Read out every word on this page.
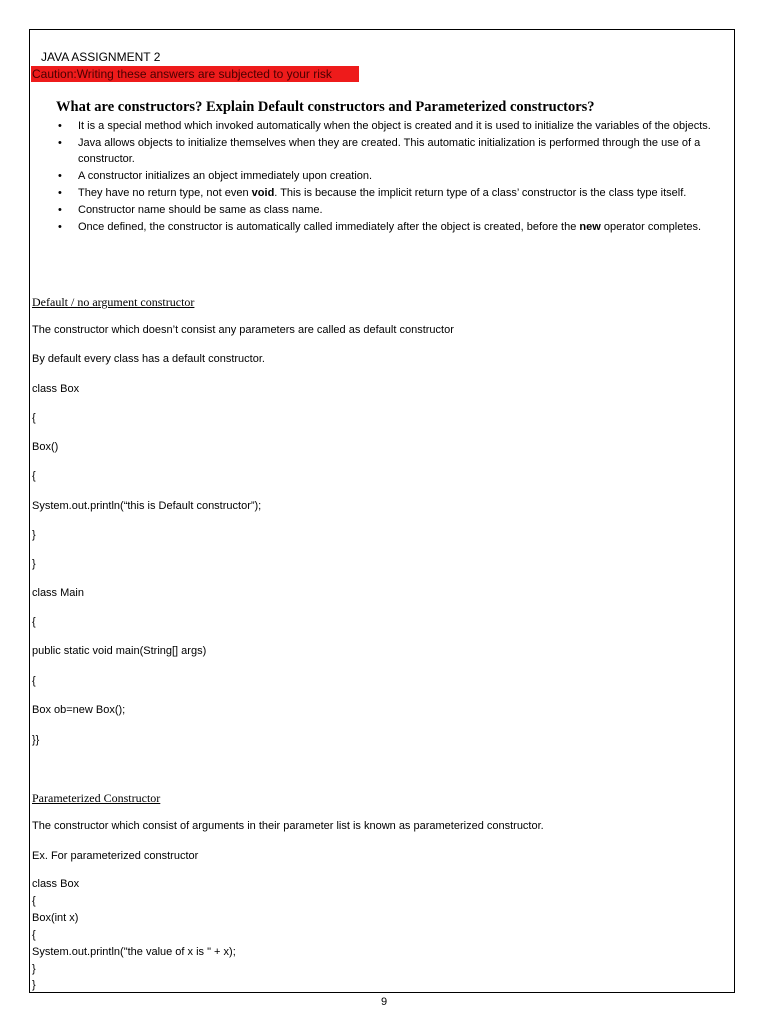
JAVA ASSIGNMENT 2
Caution:Writing these answers are subjected to your risk
What are constructors? Explain Default constructors and Parameterized constructors?
• It is a special method which invoked automatically when the object is created and it is used to initialize the variables of the objects.
• Java allows objects to initialize themselves when they are created. This automatic initialization is performed through the use of a constructor.
• A constructor initializes an object immediately upon creation.
• They have no return type, not even void. This is because the implicit return type of a class’ constructor is the class type itself.
• Constructor name should be same as class name.
• Once defined, the constructor is automatically called immediately after the object is created, before the new operator completes.
Default / no argument constructor
The constructor which doesn’t consist any parameters are called as default constructor
By default every class has a default constructor.
class Box
{
Box()
{
System.out.println(“this is Default constructor”);
}
}
class Main
{
public static void main(String[] args)
{
Box ob=new Box();
}}
Parameterized Constructor
The constructor which consist of arguments in their parameter list is known as parameterized constructor.
Ex. For parameterized constructor
class Box
{
Box(int x)
{
System.out.println("the value of x is " + x);
}
}
9
